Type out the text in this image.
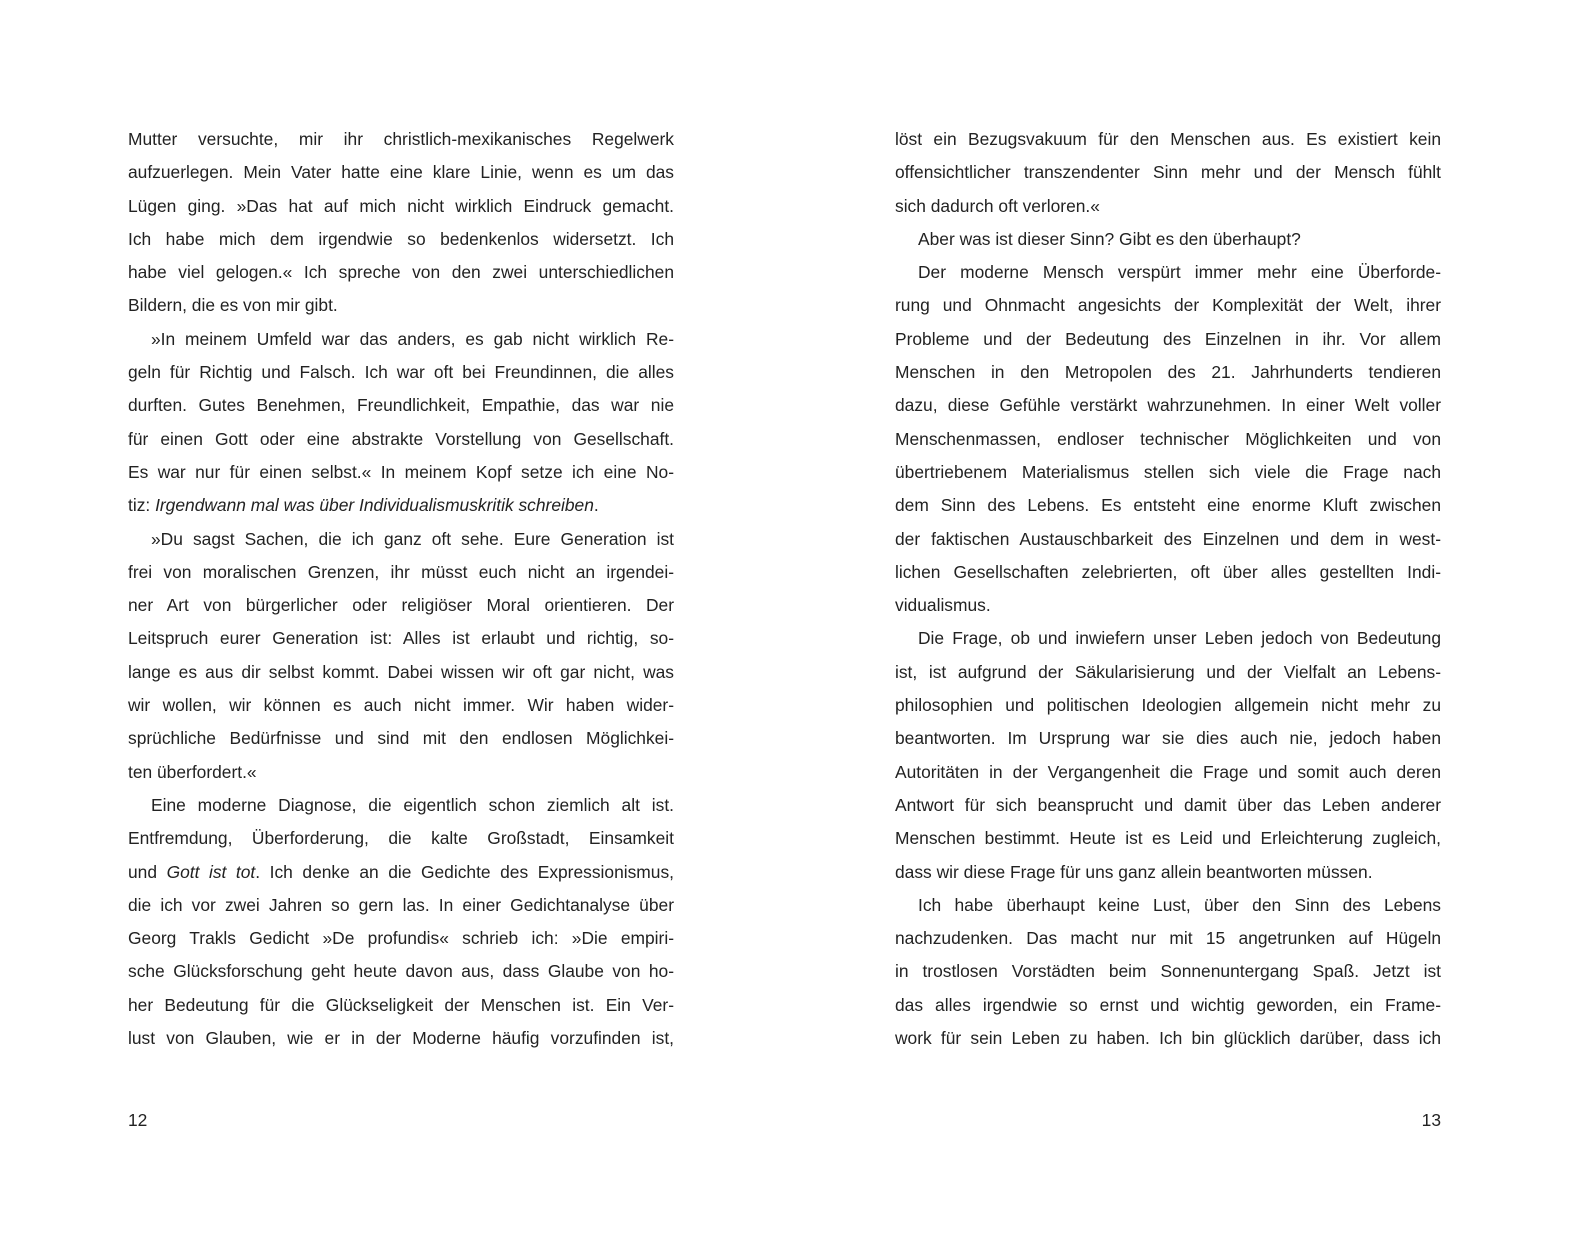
Mutter versuchte, mir ihr christlich-mexikanisches Regelwerk
aufzuerlegen. Mein Vater hatte eine klare Linie, wenn es um das
Lügen ging. »Das hat auf mich nicht wirklich Eindruck gemacht.
Ich habe mich dem irgendwie so bedenkenlos widersetzt. Ich
habe viel gelogen.« Ich spreche von den zwei unterschiedlichen
Bildern, die es von mir gibt.
»In meinem Umfeld war das anders, es gab nicht wirklich Re-
geln für Richtig und Falsch. Ich war oft bei Freundinnen, die alles
durften. Gutes Benehmen, Freundlichkeit, Empathie, das war nie
für einen Gott oder eine abstrakte Vorstellung von Gesellschaft.
Es war nur für einen selbst.« In meinem Kopf setze ich eine No-
tiz: Irgendwann mal was über Individualismuskritik schreiben.
»Du sagst Sachen, die ich ganz oft sehe. Eure Generation ist
frei von moralischen Grenzen, ihr müsst euch nicht an irgendei-
ner Art von bürgerlicher oder religiöser Moral orientieren. Der
Leitspruch eurer Generation ist: Alles ist erlaubt und richtig, so-
lange es aus dir selbst kommt. Dabei wissen wir oft gar nicht, was
wir wollen, wir können es auch nicht immer. Wir haben wider-
sprüchliche Bedürfnisse und sind mit den endlosen Möglichkei-
ten überfordert.«
Eine moderne Diagnose, die eigentlich schon ziemlich alt ist.
Entfremdung, Überforderung, die kalte Großstadt, Einsamkeit
und Gott ist tot. Ich denke an die Gedichte des Expressionismus,
die ich vor zwei Jahren so gern las. In einer Gedichtanalyse über
Georg Trakls Gedicht »De profundis« schrieb ich: »Die empiri-
sche Glücksforschung geht heute davon aus, dass Glaube von ho-
her Bedeutung für die Glückseligkeit der Menschen ist. Ein Ver-
lust von Glauben, wie er in der Moderne häufig vorzufinden ist,
löst ein Bezugsvakuum für den Menschen aus. Es existiert kein
offensichtlicher transzendenter Sinn mehr und der Mensch fühlt
sich dadurch oft verloren.«
Aber was ist dieser Sinn? Gibt es den überhaupt?
Der moderne Mensch verspürt immer mehr eine Überforde-
rung und Ohnmacht angesichts der Komplexität der Welt, ihrer
Probleme und der Bedeutung des Einzelnen in ihr. Vor allem
Menschen in den Metropolen des 21. Jahrhunderts tendieren
dazu, diese Gefühle verstärkt wahrzunehmen. In einer Welt voller
Menschenmassen, endloser technischer Möglichkeiten und von
übertriebenem Materialismus stellen sich viele die Frage nach
dem Sinn des Lebens. Es entsteht eine enorme Kluft zwischen
der faktischen Austauschbarkeit des Einzelnen und dem in west-
lichen Gesellschaften zelebrierten, oft über alles gestellten Indi-
vidualismus.
Die Frage, ob und inwiefern unser Leben jedoch von Bedeutung
ist, ist aufgrund der Säkularisierung und der Vielfalt an Lebens-
philosophien und politischen Ideologien allgemein nicht mehr zu
beantworten. Im Ursprung war sie dies auch nie, jedoch haben
Autoritäten in der Vergangenheit die Frage und somit auch deren
Antwort für sich beansprucht und damit über das Leben anderer
Menschen bestimmt. Heute ist es Leid und Erleichterung zugleich,
dass wir diese Frage für uns ganz allein beantworten müssen.
Ich habe überhaupt keine Lust, über den Sinn des Lebens
nachzudenken. Das macht nur mit 15 angetrunken auf Hügeln
in trostlosen Vorstädten beim Sonnenuntergang Spaß. Jetzt ist
das alles irgendwie so ernst und wichtig geworden, ein Frame-
work für sein Leben zu haben. Ich bin glücklich darüber, dass ich
12	13
